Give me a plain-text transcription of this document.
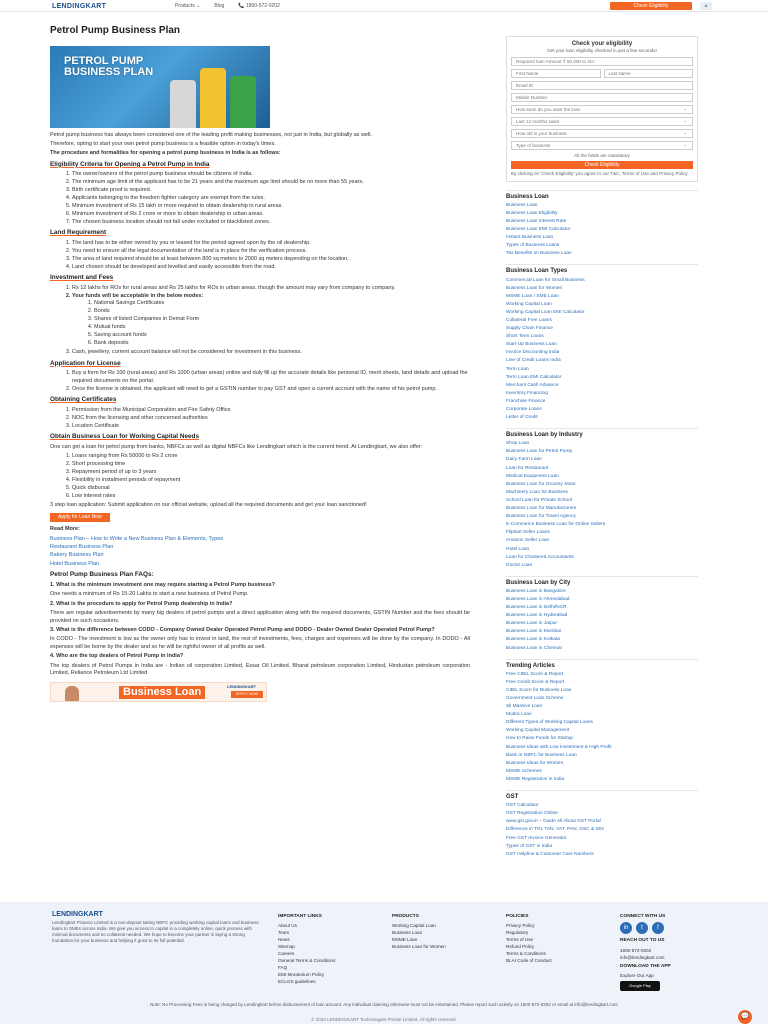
LENDINGKART	Products ⌄	Blog	📞 1800-572-0202	Check Eligibility	A
Petrol Pump Business Plan
PETROL PUMP
BUSINESS PLAN

Petrol pump business has always been considered one of the leading profit making businesses, not just in India, but globally as well.

Therefore, opting to start your own petrol pump business is a feasible option in today's times.

The procedure and formalities for opening a petrol pump business in India is as follows:

Eligibility Criteria for Opening a Petrol Pump in India
1. The owner/owners of the petrol pump business should be citizens of India.
2. The minimum age limit of the applicant has to be 21 years and the maximum age limit should be no more than 55 years.
3. Birth certificate proof is required.
4. Applicants belonging to the freedom fighter category are exempt from the rules.
5. Minimum investment of Rs 15 lakh or more required to obtain dealership in rural areas.
6. Minimum investment of Rs 2 crore or more to obtain dealership in urban areas.
7. The chosen business location should not fall under excluded or blacklisted zones.
Land Requirement
1. The land has to be either owned by you or leased for the period agreed upon by the oil dealership.
2. You need to ensure all the legal documentation of the land is in place for the verification process.
3. The area of land required should be at least between 800 sq meters to 2000 sq meters depending on the location.
4. Land chosen should be developed and levelled and easily accessible from the road.
Investment and Fees
1. Rs 12 lakhs for ROs for rural areas and Rs 25 lakhs for ROs in urban areas, though the amount may vary from company to company.
2. Your funds will be acceptable in the below modes:
1. National Savings Certificates
2. Bonds
3. Shares of listed Companies in Demat Form
4. Mutual funds
5. Saving account funds
6. Bank deposits
3. Cash, jewellery, current account balance will not be considered for investment in this business.
Application for License
1. Buy a form for Rs 100 (rural areas) and Rs 1000 (urban areas) online and duly fill up the accurate details like personal ID, merit sheets, land details and upload the required documents on the portal.
2. Once the license is obtained, the applicant will need to get a GSTIN number to pay GST and open a current account with the name of his petrol pump.
Obtaining Certificates
1. Permission from the Municipal Corporation and Fire Safety Office
2. NOC from the licensing and other concerned authorities
3. Location Certificate
Obtain Business Loan for Working Capital Needs

One can get a loan for petrol pump from banks, NBFCs as well as digital NBFCs like Lendingkart which is the current trend. At Lendingkart, we also offer:

1. Loans ranging from Rs 50000 to Rs 2 crore
2. Short processing time
3. Repayment period of up to 3 years
4. Flexibility in instalment periods of repayment
5. Quick disbursal
6. Low interest rates

3 step loan application: Submit application on our official website, upload all the required documents and get your loan sanctioned!

Apply for Loan Now

Read More:

Business Plan – How to Write a New Business Plan & Elements, Types
Restaurant Business Plan
Bakery Business Plan
Hotel Business Plan
Petrol Pump Business Plan FAQs:

1. What is the minimum investment one may require starting a Petrol Pump business?

One needs a minimum of Rs 15-20 Lakhs to start a new business of Petrol Pump.

2. What is the procedure to apply for Petrol Pump dealership in India?

There are regular advertisements by many big dealers of petrol pumps and a direct application along with the required documents, GSTIN Number and the fees should be provided on such occasions.

3. What is the difference between CODO - Company Owned Dealer Operated Petrol Pump and DODO - Dealer Owned Dealer Operated Petrol Pump?

In CODO - The investment is low as the owner only has to invest in land, the rest of investments, fees, charges and expenses will be done by the company. In DODO - All expenses will be borne by the dealer and so he will be rightful owner of all profits as well.

4. Who are the top dealers of Petrol Pump in India?

The top dealers of Petrol Pumps in India are - Indian oil corporation Limited, Essar Oil Limited, Bharat petroleum corporation Limited, Hindustan petroleum corporation Limited, Reliance Petroleum Ltd Limited

Business Loan	LENDINGKART
APPLY NOW
Check your eligibility
Get your loan eligibility checked in just a few seconds!
Required loan Amount ₹ 50,000 to 2Cr
First Name	Last Name
Email ID
Mobile Number
How soon do you want the loan ⌄
Last 12 months sales ⌄
How old is your business ⌄
Type of business ⌄
All the fields are mandatory
Check Eligibility
By clicking on 'Check Eligibility' you agree to our T&C, Terms of Use and Privacy Policy
Business Loan
Business Loan
Business Loan Eligibility
Business Loan Interest Rate
Business Loan EMI Calculator
Instant Business Loan
Types of Business Loans
Tax Benefits on Business Loan
Business Loan Types
Commercial Loan for Small Business
Business Loan for Women
MSME Loan / SME Loan
Working Capital Loan
Working Capital Loan EMI Calculator
Collateral Free Loans
Supply Chain Finance
Short Term Loans
Start-Up Business Loan
Invoice Discounting India
Line of Credit Loans India
Term Loan
Term Loan EMI Calculator
Merchant Cash Advance
Inventory Financing
Franchise Finance
Corporate Loans
Letter of Credit
Business Loan by Industry
Shop Loan
Business Loan for Petrol Pump
Dairy Farm Loan
Loan for Restaurant
Medical Equipment Loan
Business Loan for Grocery Store
Machinery Loan for Business
School Loan for Private School
Business Loan for Manufacturers
Business Loan for Travel Agency
E-Commerce Business Loan for Online Sellers
Flipkart Seller Loans
Amazon Seller Loan
Hotel Loan
Loan for Chartered Accountants
Doctor Loan
Business Loan by City
Business Loan in Bangalore
Business Loan in Ahmedabad
Business Loan in Delhi/NCR
Business Loan in Hyderabad
Business Loan in Jaipur
Business Loan in Mumbai
Business Loan in Kolkata
Business Loan in Chennai
Trending Articles
Free CIBIL Score & Report
Free Credit Score & Report
CIBIL Score for Business Loan
Government Loan Scheme
Sil Massive Loan
Mudra Loan
Different Types of Working Capital Loans
Working Capital Management
How to Raise Funds for Startup
Business Ideas with Low Investment & High Profit
Bank or NBFC for Business Loan
Business Ideas for Women
MSME Schemes
MSME Registration in India
GST
GST Calculator
GST Registration Online
www.gst.gov.in – Guide All About GST Portal
Difference in TIN, TAN, VAT, PAN, GSC & DIN
Free GST Invoice Generator
Types of GST in India
GST Helpline & Customer Care Numbers
LENDINGKART
Lendingkart Finance Limited is a non-deposit taking NBFC providing working capital loans and business loans to SMEs across India. We give you access to capital in a completely online, quick process with minimal documents and no collateral needed. We hope to become your partner in laying a strong foundation for your business and helping it grow to its full potential.
IMPORTANT LINKS
About Us
Team
News
Sitemap
Careers
General Terms & Conditions
FAQ
EMI Moratorium Policy
ECLGS guidelines
PRODUCTS
Working Capital Loan
Business Loan
MSME Loan
Business Loan for Women
POLICIES
Privacy Policy
Regulatory
Terms of Use
Refund Policy
Terms & Conditions
BLAI Code of Conduct
CONNECT WITH US
in	t	f
REACH OUT TO US
1800-572-0202
info@lendingkart.com
DOWNLOAD THE APP
Explore Our App
Google Play
Note: No Processing Fees is being charged by Lendingkart before disbursement of loan amount. Any individual claiming otherwise must not be entertained. Please report such activity on 1800-572-0202 or email at info@lendingkart.com
© 2020 LENDINGKART Technologies Private Limited. All rights reserved.	💬
